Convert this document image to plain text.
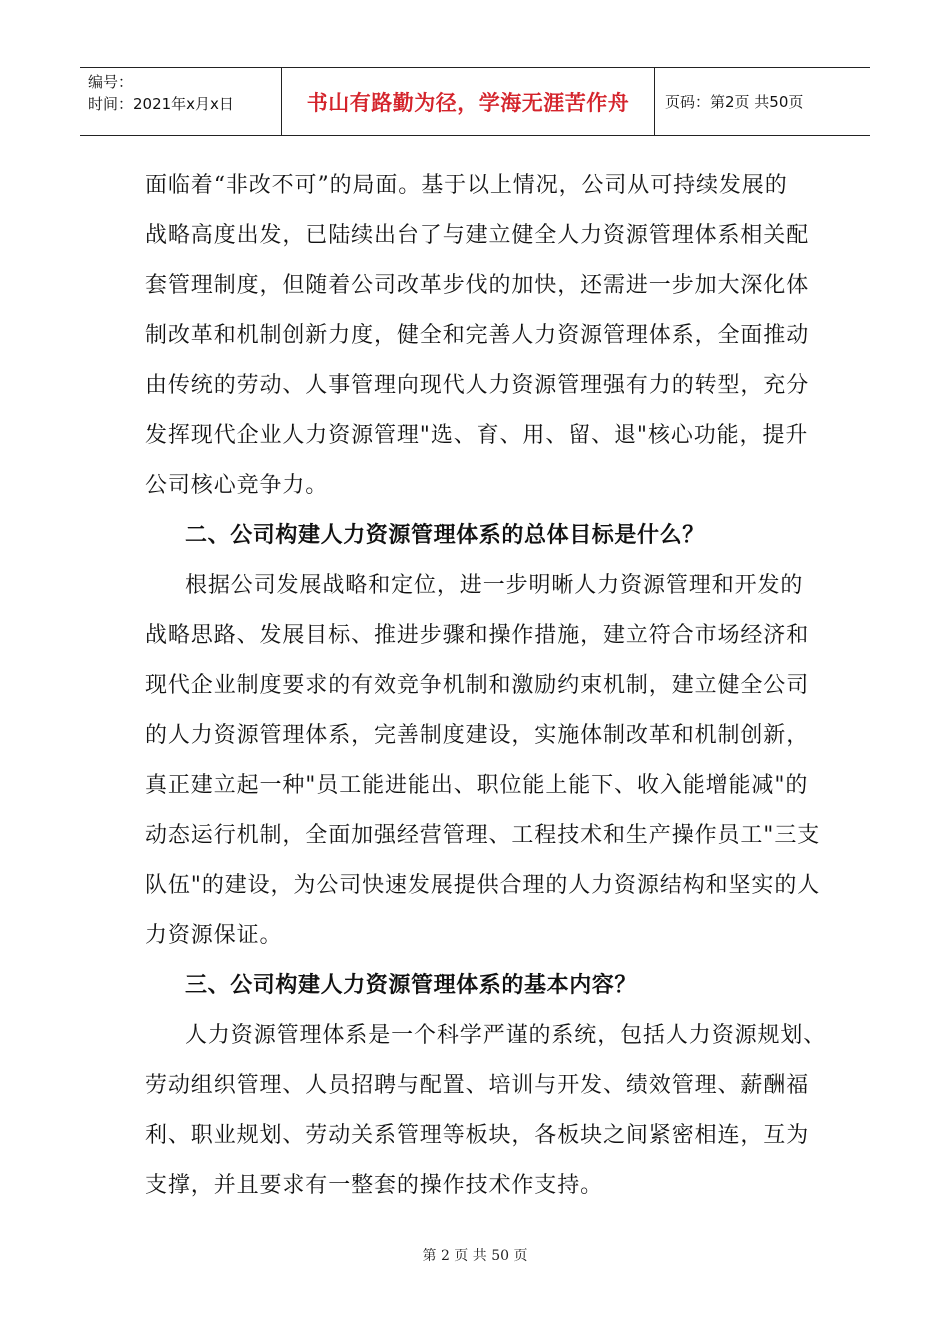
编号：
时间：2021年x月x日	书山有路勤为径，学海无涯苦作舟	页码：第2页 共50页
面临着“非改不可”的局面。基于以上情况，公司从可持续发展的
战略高度出发，已陆续出台了与建立健全人力资源管理体系相关配
套管理制度，但随着公司改革步伐的加快，还需进一步加大深化体
制改革和机制创新力度，健全和完善人力资源管理体系，全面推动
由传统的劳动、人事管理向现代人力资源管理强有力的转型，充分
发挥现代企业人力资源管理"选、育、用、留、退"核心功能，提升
公司核心竞争力。
二、公司构建人力资源管理体系的总体目标是什么？
根据公司发展战略和定位，进一步明晰人力资源管理和开发的
战略思路、发展目标、推进步骤和操作措施，建立符合市场经济和
现代企业制度要求的有效竞争机制和激励约束机制，建立健全公司
的人力资源管理体系，完善制度建设，实施体制改革和机制创新，
真正建立起一种"员工能进能出、职位能上能下、收入能增能减"的
动态运行机制，全面加强经营管理、工程技术和生产操作员工"三支
队伍"的建设，为公司快速发展提供合理的人力资源结构和坚实的人
力资源保证。
三、公司构建人力资源管理体系的基本内容？
人力资源管理体系是一个科学严谨的系统，包括人力资源规划、
劳动组织管理、人员招聘与配置、培训与开发、绩效管理、薪酬福
利、职业规划、劳动关系管理等板块，各板块之间紧密相连，互为
支撑，并且要求有一整套的操作技术作支持。
第 2 页 共 50 页
